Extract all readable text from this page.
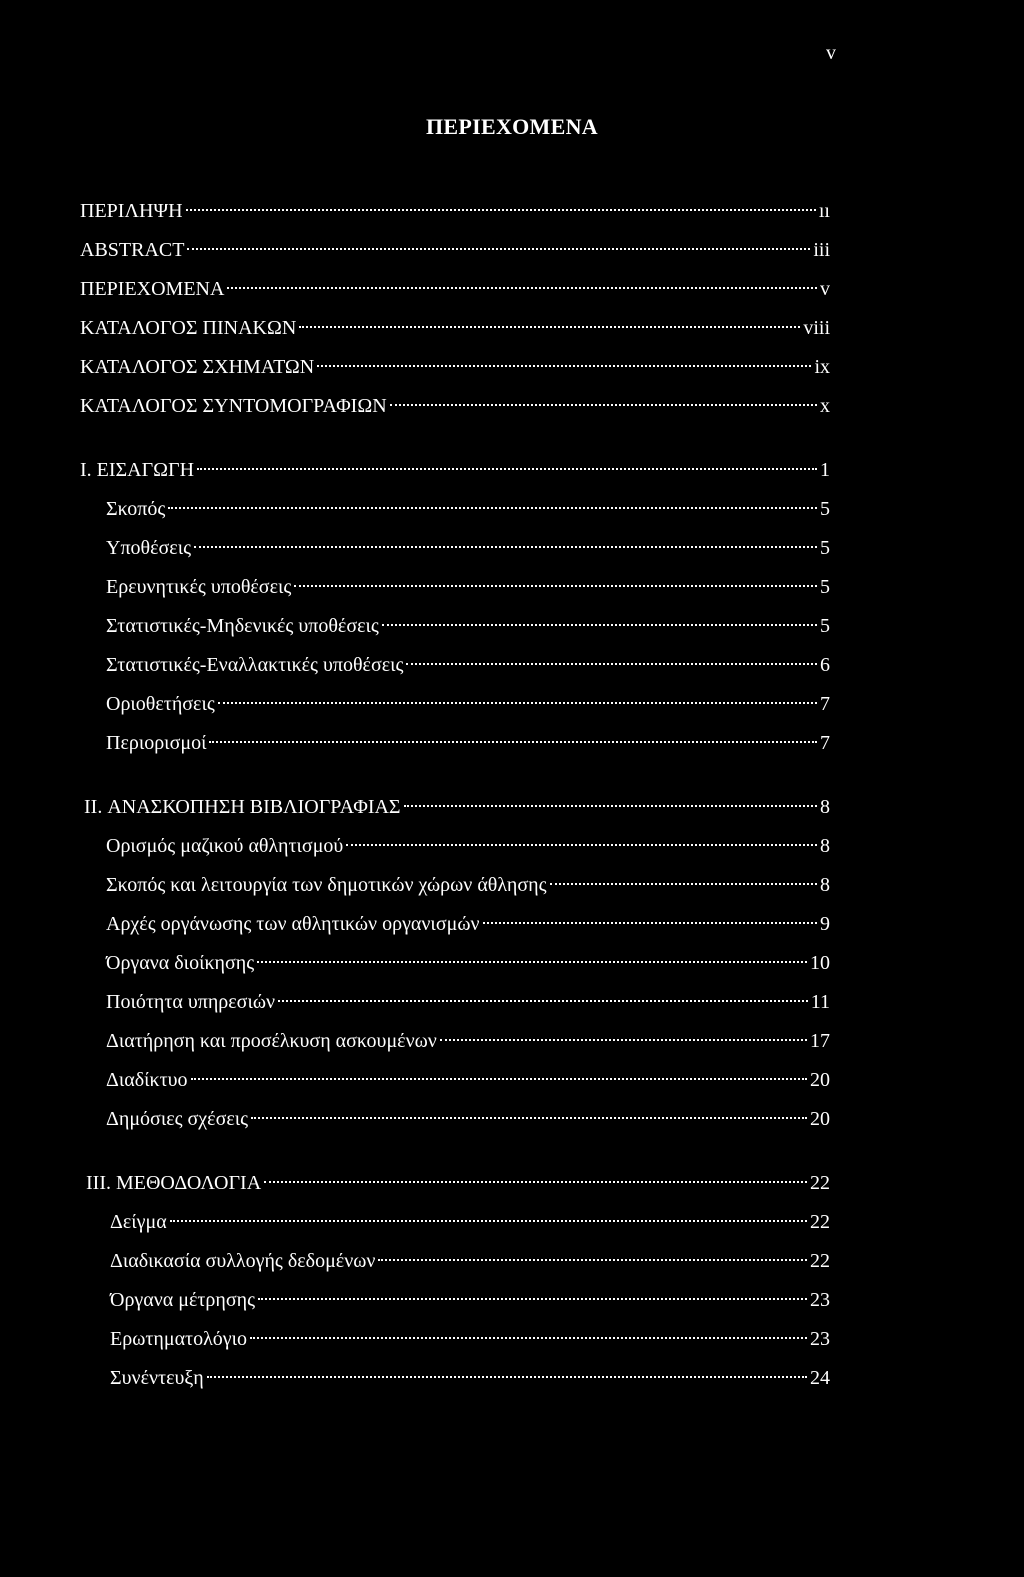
v
ΠΕΡΙΕΧΟΜΕΝΑ
ΠΕΡΙΛΗΨΗ	ıı
ABSTRACT	iii
ΠΕΡΙΕΧΟΜΕΝΑ	v
ΚΑΤΑΛΟΓΟΣ ΠΙΝΑΚΩΝ	viii
ΚΑΤΑΛΟΓΟΣ ΣΧΗΜΑΤΩΝ	ix
ΚΑΤΑΛΟΓΟΣ ΣΥΝΤΟΜΟΓΡΑΦΙΩΝ	x
I. ΕΙΣΑΓΩΓΗ	1
Σκοπός	5
Υποθέσεις	5
Ερευνητικές υποθέσεις	5
Στατιστικές-Μηδενικές υποθέσεις	5
Στατιστικές-Εναλλακτικές υποθέσεις	6
Οριοθετήσεις	7
Περιορισμοί	7
II. ΑΝΑΣΚΟΠΗΣΗ ΒΙΒΛΙΟΓΡΑΦΙΑΣ	8
Ορισμός μαζικού αθλητισμού	8
Σκοπός και λειτουργία των δημοτικών χώρων άθλησης	8
Αρχές οργάνωσης των αθλητικών οργανισμών	9
Όργανα διοίκησης	10
Ποιότητα υπηρεσιών	11
Διατήρηση και προσέλκυση ασκουμένων	17
Διαδίκτυο	20
Δημόσιες σχέσεις	20
III. ΜΕΘΟΔΟΛΟΓΙΑ	22
Δείγμα	22
Διαδικασία συλλογής δεδομένων	22
Όργανα μέτρησης	23
Ερωτηματολόγιο	23
Συνέντευξη	24
